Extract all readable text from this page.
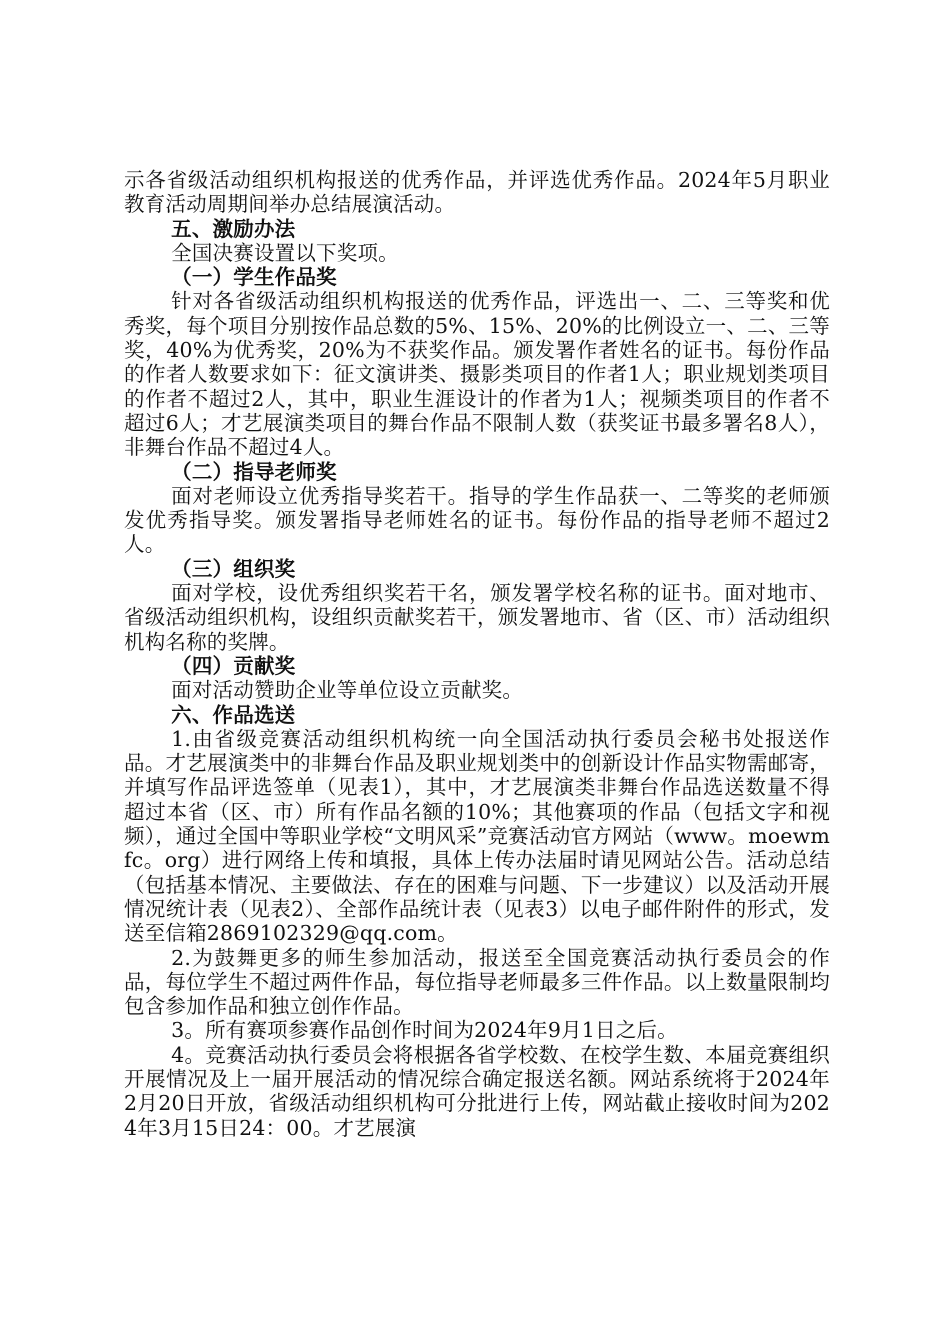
示各省级活动组织机构报送的优秀作品，并评选优秀作品。2024年5月职业教育活动周期间举办总结展演活动。

五、激励办法

全国决赛设置以下奖项。

（一）学生作品奖

针对各省级活动组织机构报送的优秀作品，评选出一、二、三等奖和优秀奖，每个项目分别按作品总数的5%、15%、20%的比例设立一、二、三等奖，40%为优秀奖，20%为不获奖作品。颁发署作者姓名的证书。每份作品的作者人数要求如下：征文演讲类、摄影类项目的作者1人；职业规划类项目的作者不超过2人，其中，职业生涯设计的作者为1人；视频类项目的作者不超过6人；才艺展演类项目的舞台作品不限制人数（获奖证书最多署名8人），非舞台作品不超过4人。

（二）指导老师奖

面对老师设立优秀指导奖若干。指导的学生作品获一、二等奖的老师颁发优秀指导奖。颁发署指导老师姓名的证书。每份作品的指导老师不超过2人。

（三）组织奖

面对学校，设优秀组织奖若干名，颁发署学校名称的证书。面对地市、省级活动组织机构，设组织贡献奖若干，颁发署地市、省（区、市）活动组织机构名称的奖牌。

（四）贡献奖

面对活动赞助企业等单位设立贡献奖。

六、作品选送

1.由省级竞赛活动组织机构统一向全国活动执行委员会秘书处报送作品。才艺展演类中的非舞台作品及职业规划类中的创新设计作品实物需邮寄，并填写作品评选签单（见表1），其中，才艺展演类非舞台作品选送数量不得超过本省（区、市）所有作品名额的10%；其他赛项的作品（包括文字和视频），通过全国中等职业学校“文明风采”竞赛活动官方网站（www。moewmfc。org）进行网络上传和填报，具体上传办法届时请见网站公告。活动总结（包括基本情况、主要做法、存在的困难与问题、下一步建议）以及活动开展情况统计表（见表2）、全部作品统计表（见表3）以电子邮件附件的形式，发送至信箱2869102329@qq.com。

2.为鼓舞更多的师生参加活动，报送至全国竞赛活动执行委员会的作品，每位学生不超过两件作品，每位指导老师最多三件作品。以上数量限制均包含参加作品和独立创作作品。

3。所有赛项参赛作品创作时间为2024年9月1日之后。

4。竞赛活动执行委员会将根据各省学校数、在校学生数、本届竞赛组织开展情况及上一届开展活动的情况综合确定报送名额。网站系统将于2024年2月20日开放，省级活动组织机构可分批进行上传，网站截止接收时间为2024年3月15日24：00。才艺展演
